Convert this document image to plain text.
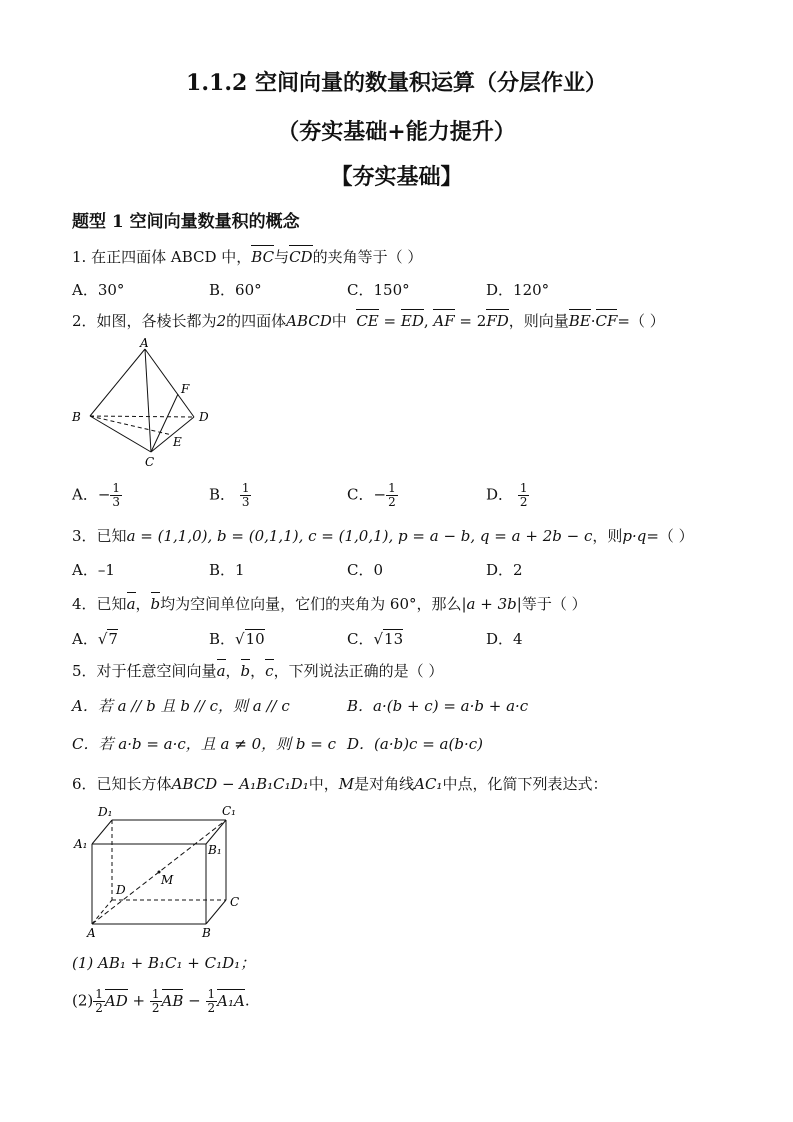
1.1.2 空间向量的数量积运算（分层作业）
（夯实基础+能力提升）
【夯实基础】
题型 1 空间向量数量积的概念
1. 在正四面体 ABCD 中，BC与CD的夹角等于（ ）
A．30°	B．60°	C．150°	D．120°
2．如图，各棱长都为2的四面体ABCD中 CE = ED, AF = 2FD，则向量BE·CF=（ ）
A
B
C
D
E
F
A．− $\frac{1}{3}$	B． $\frac{1}{3}$	C．− $\frac{1}{2}$	D． $\frac{1}{2}$
3．已知a = (1,1,0), b = (0,1,1), c = (1,0,1), p = a − b, q = a + 2b − c，则p·q=（ ）
A．–1	B．1	C．0	D．2
4．已知a，b均为空间单位向量，它们的夹角为 60°，那么|a + 3b|等于（ ）
A．√7	B．√10	C．√13	D．4
5．对于任意空间向量a，b，c，下列说法正确的是（ ）
A．若 a // b 且 b // c，则 a // c	B．a·(b + c) = a·b + a·c
C．若 a·b = a·c，且 a ≠ 0，则 b = c D．(a·b)c = a(b·c)
6．已知长方体ABCD − A₁B₁C₁D₁中，M是对角线AC₁中点，化简下列表达式：
D₁	C₁
A₁	B₁
D
M
C
A	B
(1) AB₁ + B₁C₁ + C₁D₁；
$(2) \frac{1}{2}$ AD + $\frac{1}{2}$ AB − $\frac{1}{2} A_1A$.
